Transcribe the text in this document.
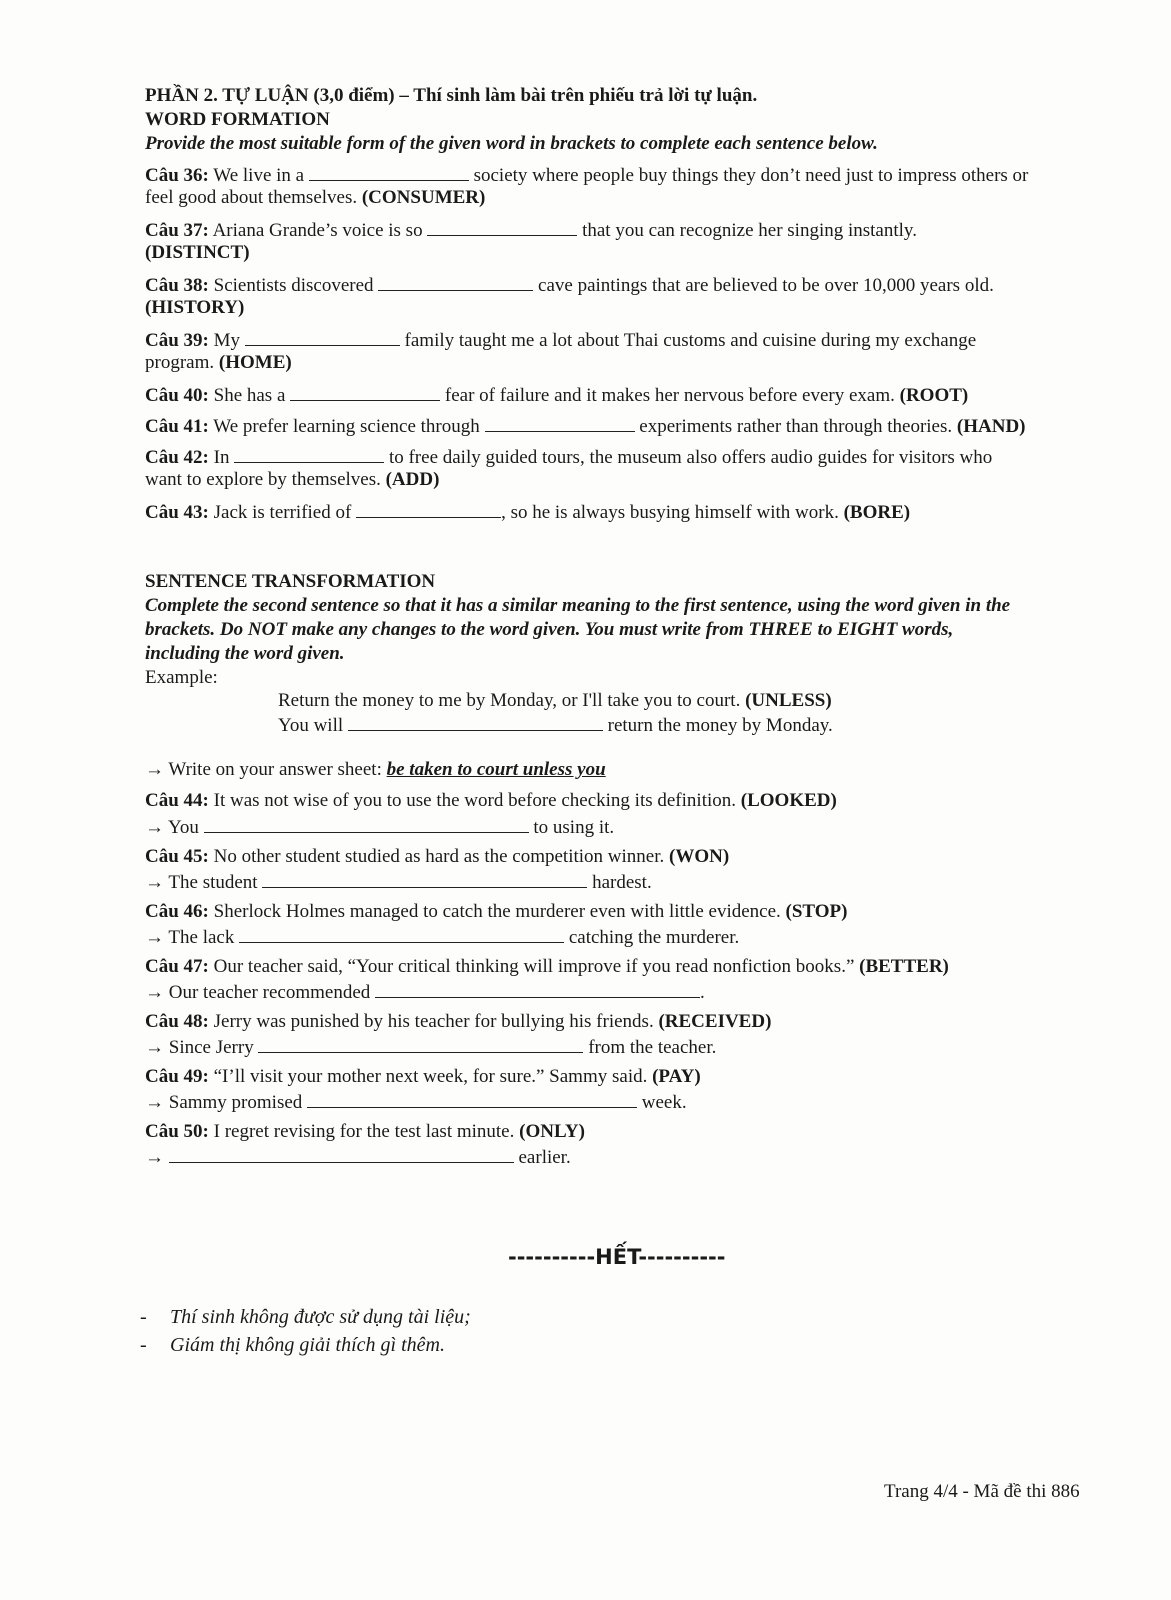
PHẦN 2. TỰ LUẬN (3,0 điểm) – Thí sinh làm bài trên phiếu trả lời tự luận.
WORD FORMATION
Provide the most suitable form of the given word in brackets to complete each sentence below.
Câu 36: We live in a	society where people buy things they don’t need just to impress others or
feel good about themselves. (CONSUMER)
Câu 37: Ariana Grande’s voice is so	that you can recognize her singing instantly.
(DISTINCT)
Câu 38: Scientists discovered	cave paintings that are believed to be over 10,000 years old.
(HISTORY)
Câu 39: My	family taught me a lot about Thai customs and cuisine during my exchange
program. (HOME)
Câu 40: She has a	fear of failure and it makes her nervous before every exam. (ROOT)
Câu 41: We prefer learning science through	experiments rather than through theories. (HAND)
Câu 42: In	to free daily guided tours, the museum also offers audio guides for visitors who
want to explore by themselves. (ADD)
Câu 43: Jack is terrified of	, so he is always busying himself with work. (BORE)
SENTENCE TRANSFORMATION
Complete the second sentence so that it has a similar meaning to the first sentence, using the word given in the
brackets. Do NOT make any changes to the word given. You must write from THREE to EIGHT words,
including the word given.
Example:
Return the money to me by Monday, or I'll take you to court. (UNLESS)
You will	return the money by Monday.
→ Write on your answer sheet: be taken to court unless you
Câu 44: It was not wise of you to use the word before checking its definition. (LOOKED)
→ You	to using it.
Câu 45: No other student studied as hard as the competition winner. (WON)
→ The student	hardest.
Câu 46: Sherlock Holmes managed to catch the murderer even with little evidence. (STOP)
→ The lack	catching the murderer.
Câu 47: Our teacher said, “Your critical thinking will improve if you read nonfiction books.” (BETTER)
→ Our teacher recommended	.
Câu 48: Jerry was punished by his teacher for bullying his friends. (RECEIVED)
→ Since Jerry	from the teacher.
Câu 49: “I’ll visit your mother next week, for sure.” Sammy said. (PAY)
→ Sammy promised	week.
Câu 50: I regret revising for the test last minute. (ONLY)
→	earlier.
----------HẾT----------
- Thí sinh không được sử dụng tài liệu;
- Giám thị không giải thích gì thêm.
Trang 4/4 - Mã đề thi 886
